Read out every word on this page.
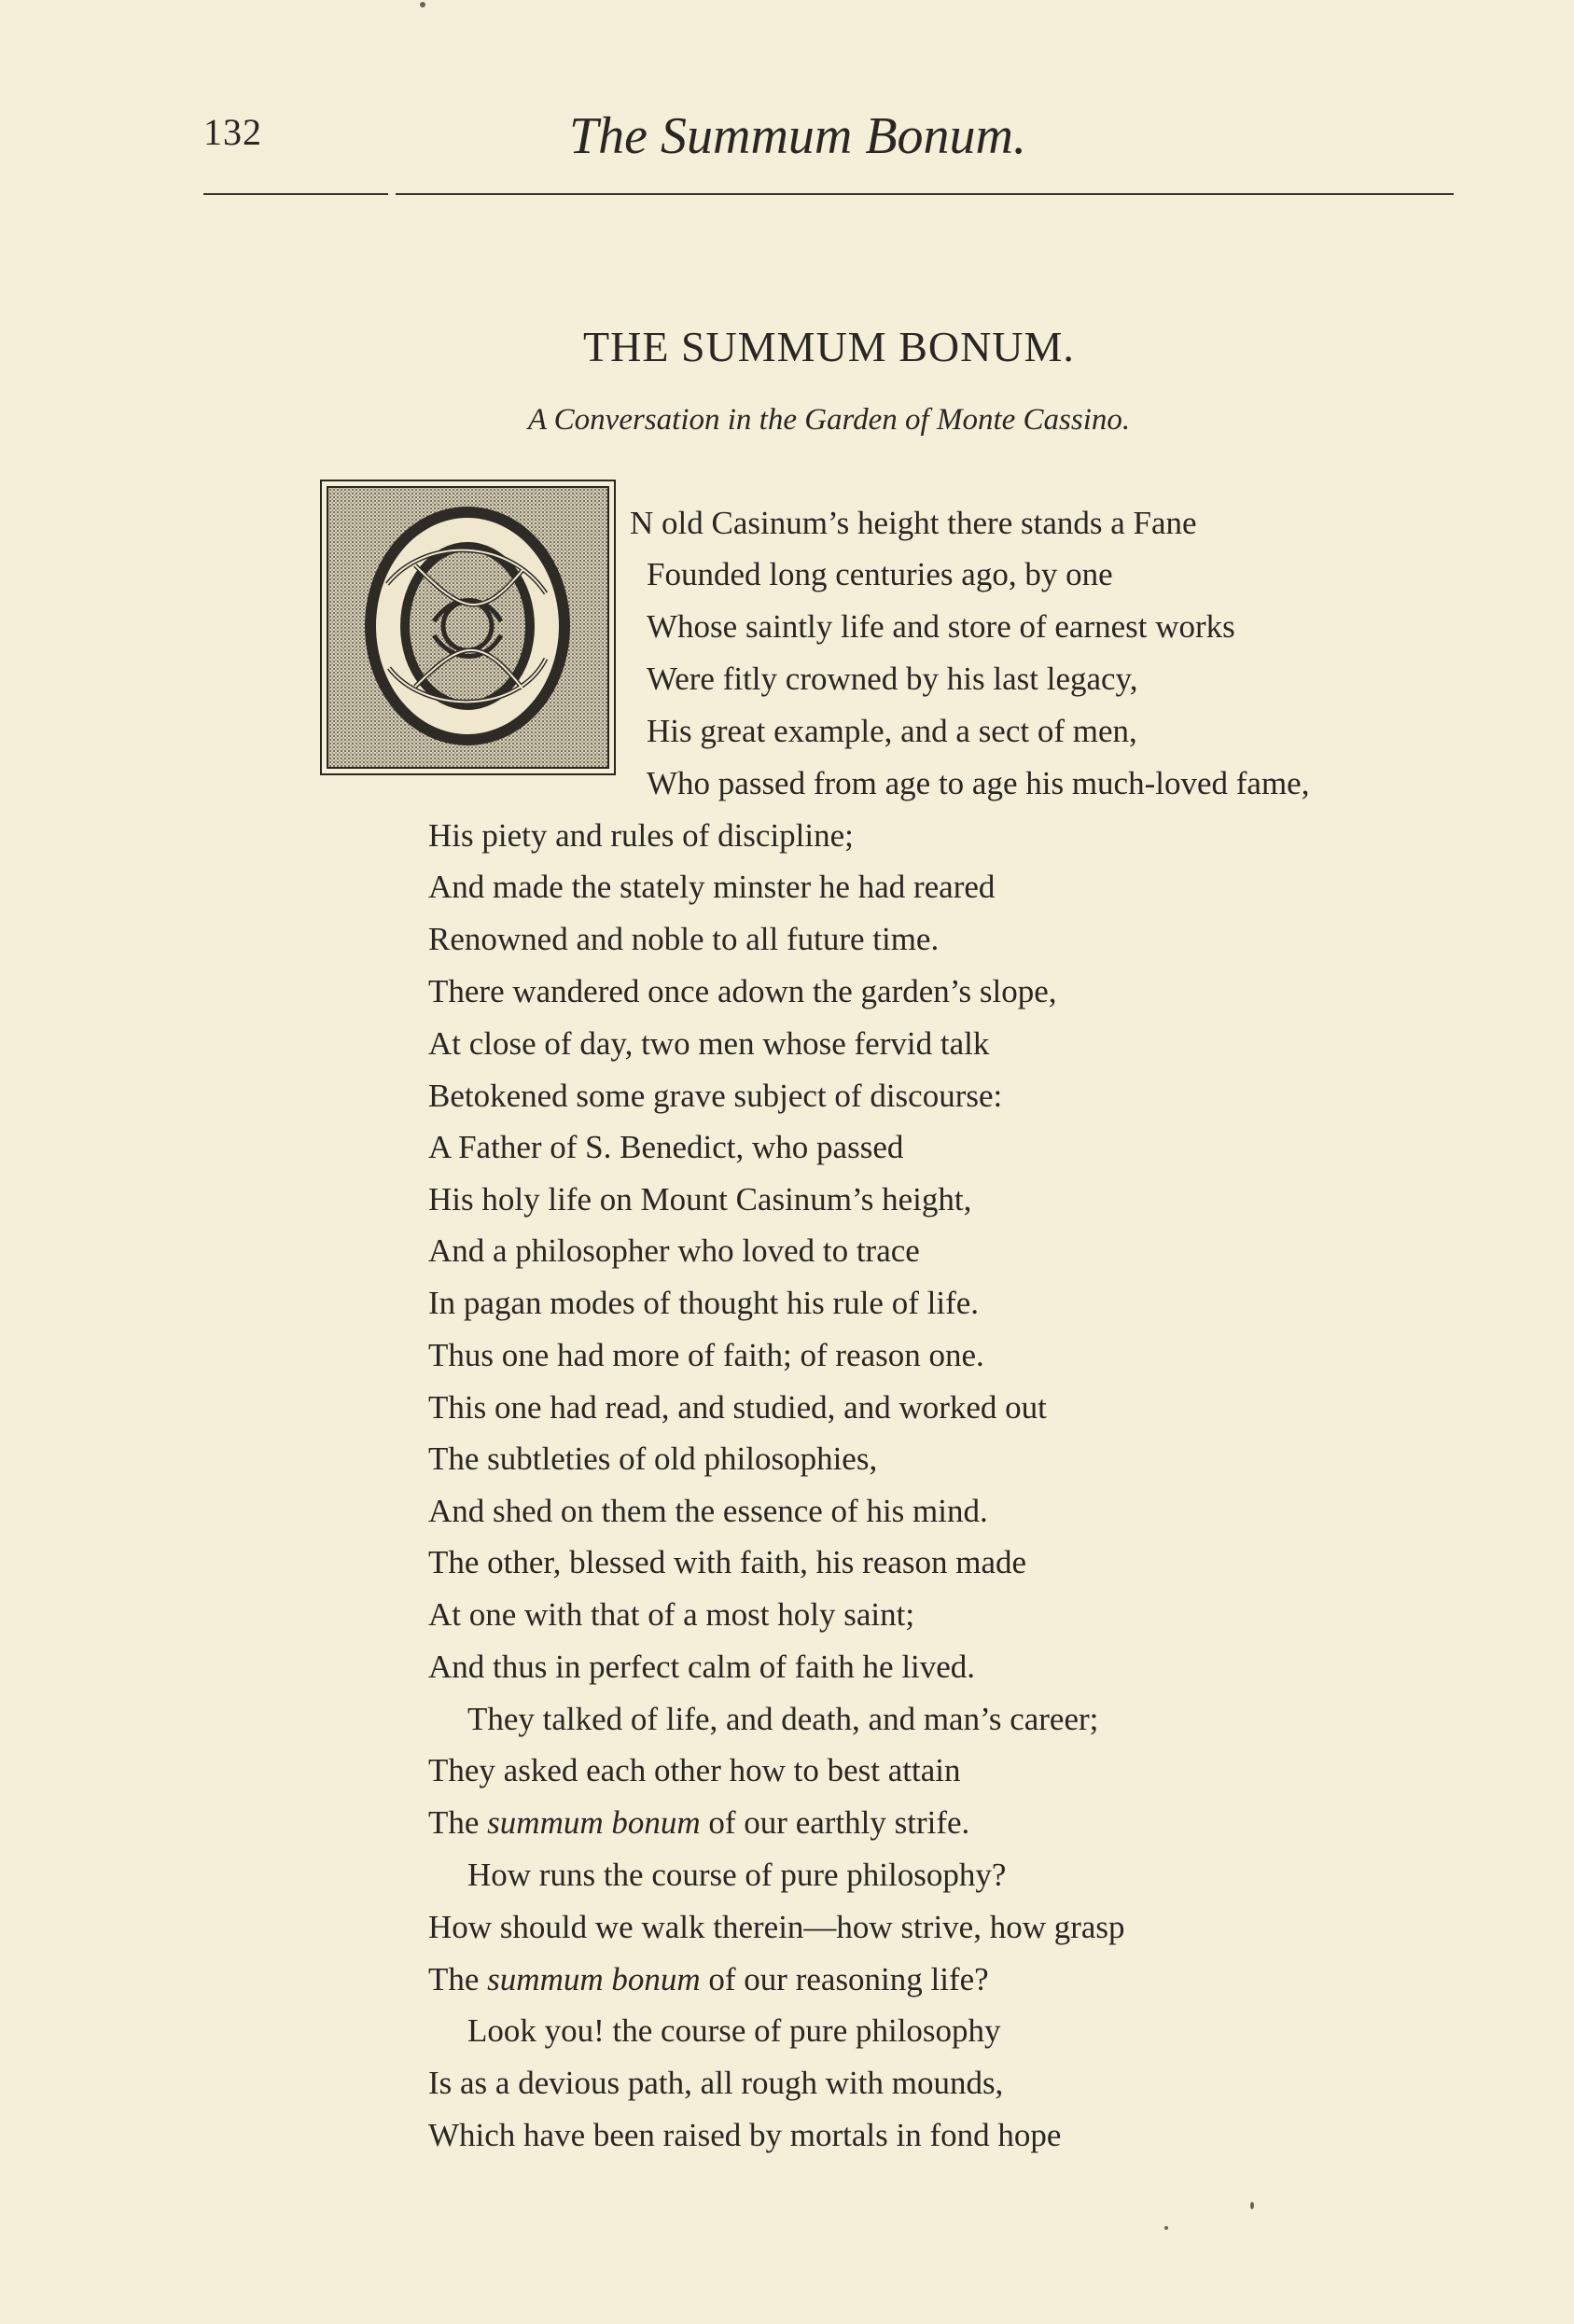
132	The Summum Bonum.
THE SUMMUM BONUM.
A Conversation in the Garden of Monte Cassino.
N old Casinum’s height there stands a Fane
Founded long centuries ago, by one
Whose saintly life and store of earnest works
Were fitly crowned by his last legacy,
His great example, and a sect of men,
Who passed from age to age his much-loved fame,
His piety and rules of discipline;
And made the stately minster he had reared
Renowned and noble to all future time.
There wandered once adown the garden’s slope,
At close of day, two men whose fervid talk
Betokened some grave subject of discourse:
A Father of S. Benedict, who passed
His holy life on Mount Casinum’s height,
And a philosopher who loved to trace
In pagan modes of thought his rule of life.
Thus one had more of faith; of reason one.
This one had read, and studied, and worked out
The subtleties of old philosophies,
And shed on them the essence of his mind.
The other, blessed with faith, his reason made
At one with that of a most holy saint;
And thus in perfect calm of faith he lived.
They talked of life, and death, and man’s career;
They asked each other how to best attain
The summum bonum of our earthly strife.
How runs the course of pure philosophy?
How should we walk therein—how strive, how grasp
The summum bonum of our reasoning life?
Look you! the course of pure philosophy
Is as a devious path, all rough with mounds,
Which have been raised by mortals in fond hope
